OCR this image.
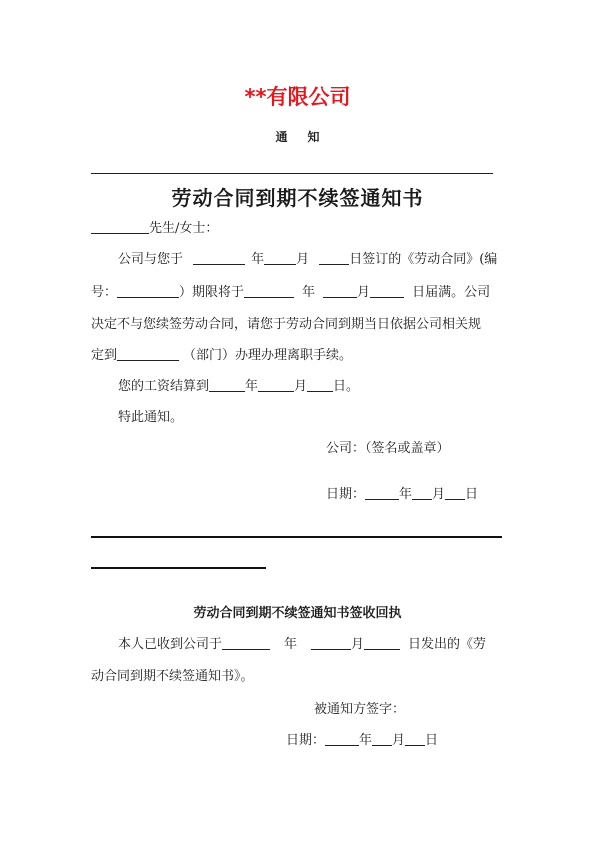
**有限公司
通知
劳动合同到期不续签通知书
先生/女士：
公司与您于	年 月	日签订的《劳动合同》(编
号：	）期限将于	年	月	日届满。公司
决定不与您续签劳动合同，请您于劳动合同到期当日依据公司相关规
定到	（部门）办理办理离职手续。
您的工资结算到	年	月 日。
特此通知。
公司：（签名或盖章）
日期：	年 月 日
劳动合同到期不续签通知书签收回执
本人已收到公司于	年	月	日发出的《劳
动合同到期不续签通知书》。
被通知方签字：
日期：	年 月 日
